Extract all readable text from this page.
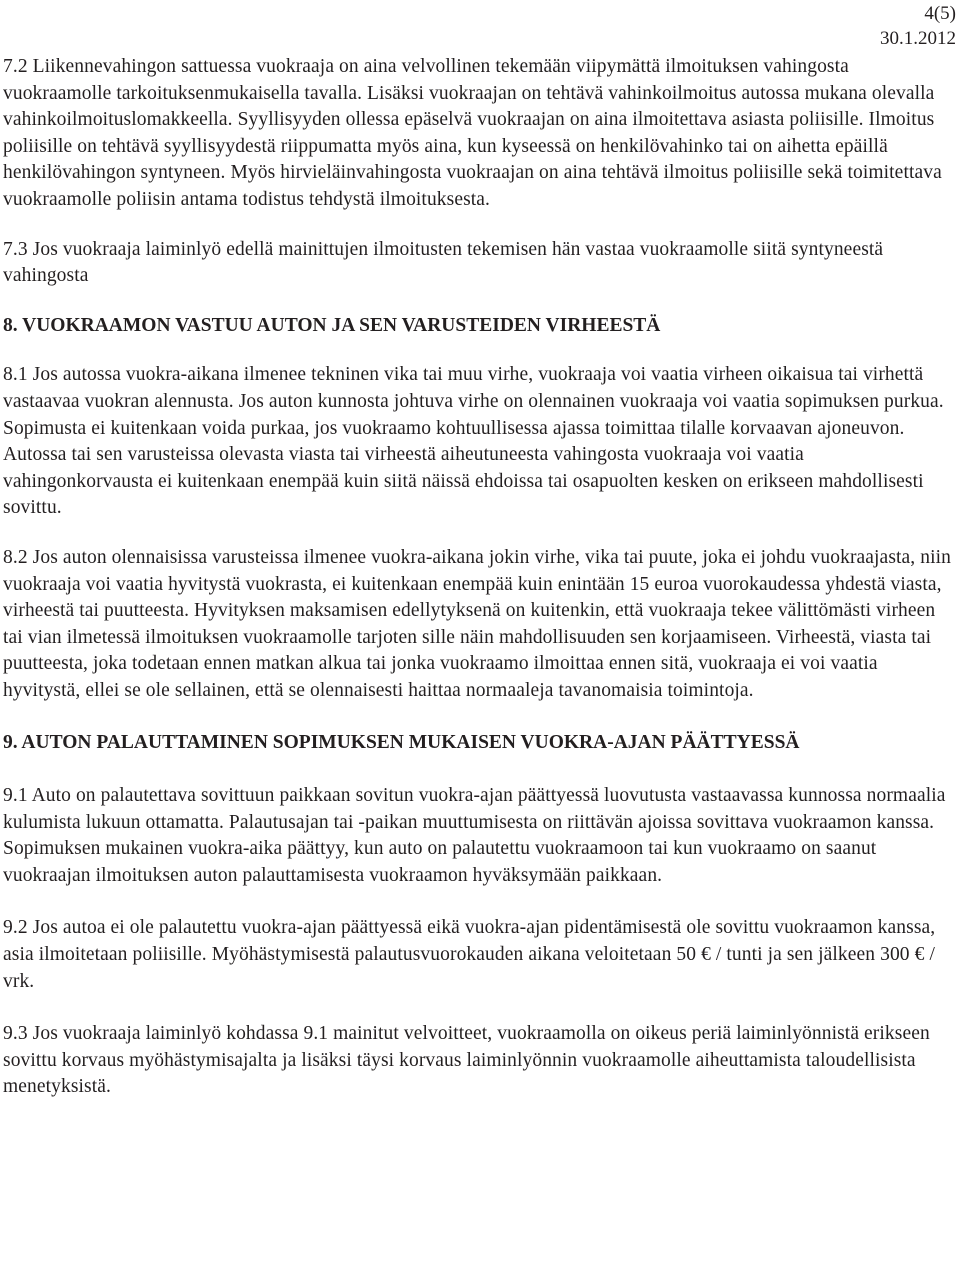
4(5)
30.1.2012

7.2 Liikennevahingon sattuessa vuokraaja on aina velvollinen tekemään viipymättä ilmoituksen vahingosta vuokraamolle tarkoituksenmukaisella tavalla. Lisäksi vuokraajan on tehtävä vahinkoilmoitus autossa mukana olevalla vahinkoilmoituslomakkeella. Syyllisyyden ollessa epäselvä vuokraajan on aina ilmoitettava asiasta poliisille. Ilmoitus poliisille on tehtävä syyllisyydestä riippumatta myös aina, kun kyseessä on henkilövahinko tai on aihetta epäillä henkilövahingon syntyneen. Myös hirvieläinvahingosta vuokraajan on aina tehtävä ilmoitus poliisille sekä toimitettava vuokraamolle poliisin antama todistus tehdystä ilmoituksesta.

7.3 Jos vuokraaja laiminlyö edellä mainittujen ilmoitusten tekemisen hän vastaa vuokraamolle siitä syntyneestä vahingosta

8. VUOKRAAMON VASTUU AUTON JA SEN VARUSTEIDEN VIRHEESTÄ

8.1 Jos autossa vuokra-aikana ilmenee tekninen vika tai muu virhe, vuokraaja voi vaatia virheen oikaisua tai virhettä vastaavaa vuokran alennusta. Jos auton kunnosta johtuva virhe on olennainen vuokraaja voi vaatia sopimuksen purkua. Sopimusta ei kuitenkaan voida purkaa, jos vuokraamo kohtuullisessa ajassa toimittaa tilalle korvaavan ajoneuvon. Autossa tai sen varusteissa olevasta viasta tai virheestä aiheutuneesta vahingosta vuokraaja voi vaatia vahingonkorvausta ei kuitenkaan enempää kuin siitä näissä ehdoissa tai osapuolten kesken on erikseen mahdollisesti sovittu.

8.2 Jos auton olennaisissa varusteissa ilmenee vuokra-aikana jokin virhe, vika tai puute, joka ei johdu vuokraajasta, niin vuokraaja voi vaatia hyvitystä vuokrasta, ei kuitenkaan enempää kuin enintään 15 euroa vuorokaudessa yhdestä viasta, virheestä tai puutteesta. Hyvityksen maksamisen edellytyksenä on kuitenkin, että vuokraaja tekee välittömästi virheen tai vian ilmetessä ilmoituksen vuokraamolle tarjoten sille näin mahdollisuuden sen korjaamiseen. Virheestä, viasta tai puutteesta, joka todetaan ennen matkan alkua tai jonka vuokraamo ilmoittaa ennen sitä, vuokraaja ei voi vaatia hyvitystä, ellei se ole sellainen, että se olennaisesti haittaa normaaleja tavanomaisia toimintoja.

9. AUTON PALAUTTAMINEN SOPIMUKSEN MUKAISEN VUOKRA-AJAN PÄÄTTYESSÄ

9.1 Auto on palautettava sovittuun paikkaan sovitun vuokra-ajan päättyessä luovutusta vastaavassa kunnossa normaalia kulumista lukuun ottamatta. Palautusajan tai -paikan muuttumisesta on riittävän ajoissa sovittava vuokraamon kanssa. Sopimuksen mukainen vuokra-aika päättyy, kun auto on palautettu vuokraamoon tai kun vuokraamo on saanut vuokraajan ilmoituksen auton palauttamisesta vuokraamon hyväksymään paikkaan.

9.2 Jos autoa ei ole palautettu vuokra-ajan päättyessä eikä vuokra-ajan pidentämisestä ole sovittu vuokraamon kanssa, asia ilmoitetaan poliisille. Myöhästymisestä palautusvuorokauden aikana veloitetaan 50 € / tunti ja sen jälkeen 300 € / vrk.

9.3 Jos vuokraaja laiminlyö kohdassa 9.1 mainitut velvoitteet, vuokraamolla on oikeus periä laiminlyönnistä erikseen sovittu korvaus myöhästymisajalta ja lisäksi täysi korvaus laiminlyönnin vuokraamolle aiheuttamista taloudellisista menetyksistä.
